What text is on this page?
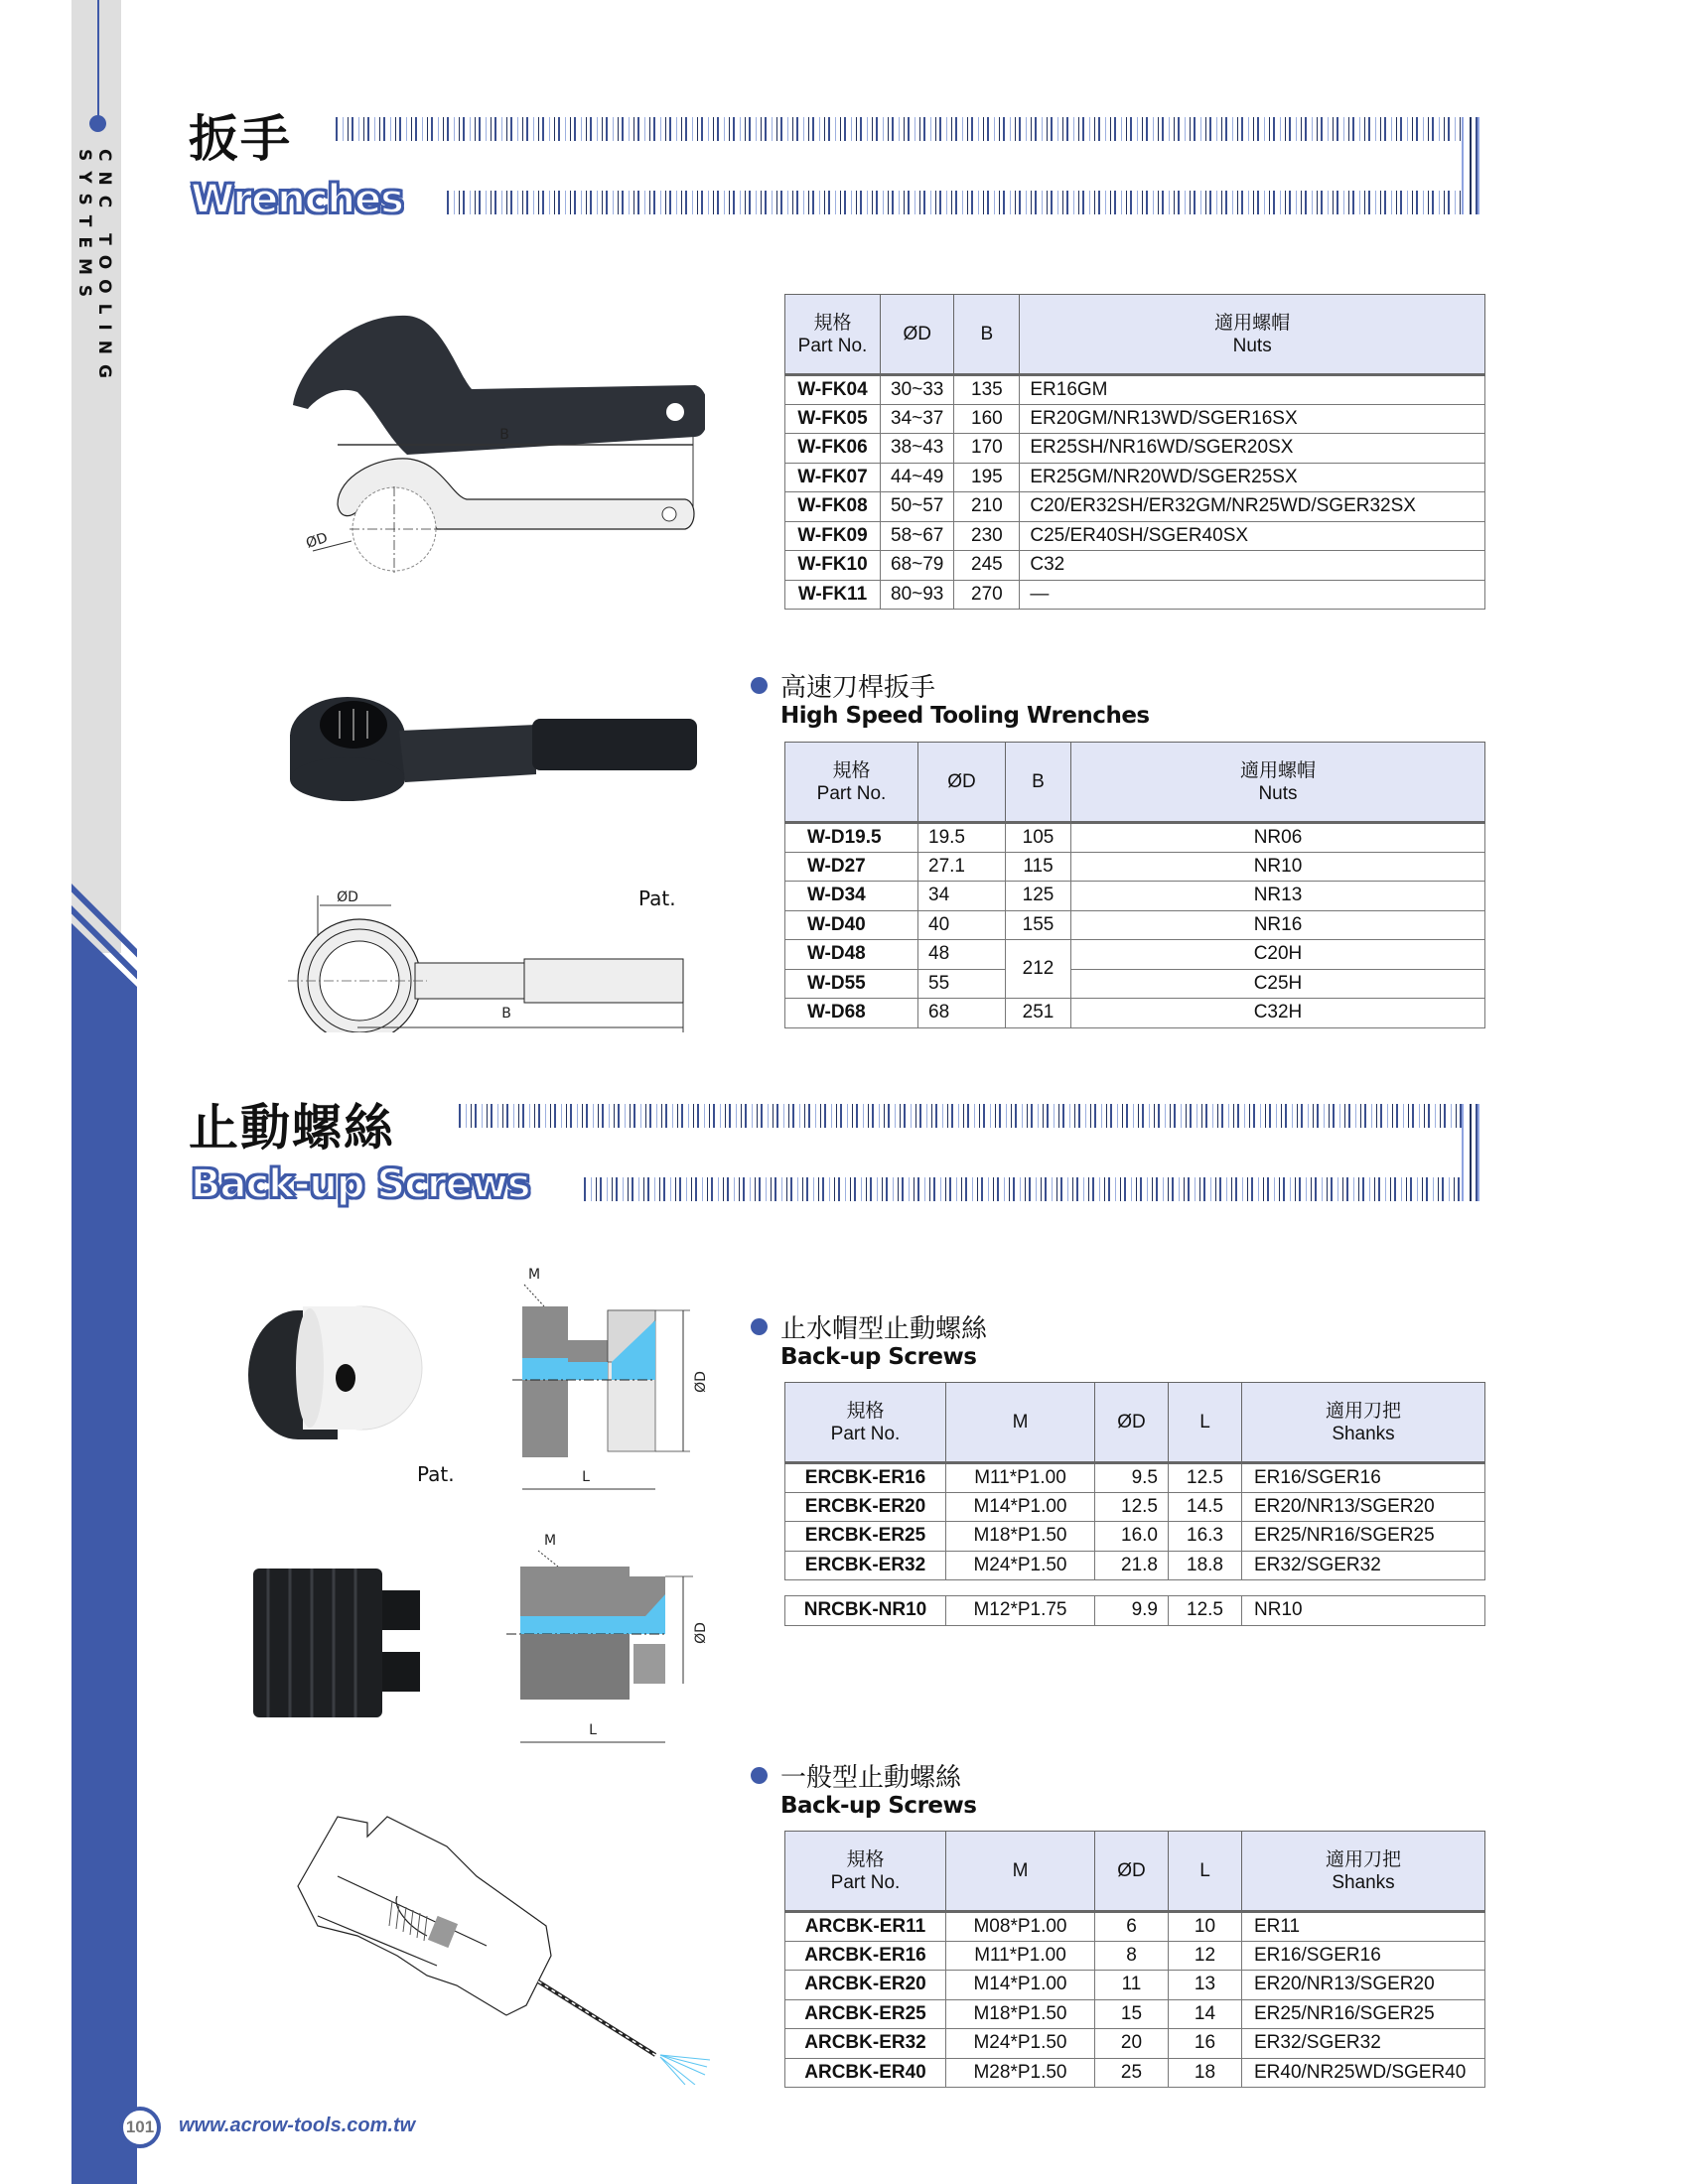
CNC TOOLING SYSTEMS
扳手
Wrenches
B
ØD
規格
Part No.	ØD	B	適用螺帽
Nuts
W-FK04	30~33	135	ER16GM
W-FK05	34~37	160	ER20GM/NR13WD/SGER16SX
W-FK06	38~43	170	ER25SH/NR16WD/SGER20SX
W-FK07	44~49	195	ER25GM/NR20WD/SGER25SX
W-FK08	50~57	210	C20/ER32SH/ER32GM/NR25WD/SGER32SX
W-FK09	58~67	230	C25/ER40SH/SGER40SX
W-FK10	68~79	245	C32
W-FK11	80~93	270	—
高速刀桿扳手
High Speed Tooling Wrenches
ØD
B
Pat.
規格
Part No.	ØD	B	適用螺帽
Nuts
W-D19.5	19.5	105	NR06
W-D27	27.1	115	NR10
W-D34	34	125	NR13
W-D40	40	155	NR16
W-D48	48	212	C20H
W-D55	55		C25H
W-D68	68	251	C32H
止動螺絲
Back-up Screws
M
ØD
L
M
ØD
L
Pat.
止水帽型止動螺絲
Back-up Screws
規格
Part No.	M	ØD	L	適用刀把
Shanks
ERCBK-ER16	M11*P1.00	9.5	12.5	ER16/SGER16
ERCBK-ER20	M14*P1.00	12.5	14.5	ER20/NR13/SGER20
ERCBK-ER25	M18*P1.50	16.0	16.3	ER25/NR16/SGER25
ERCBK-ER32	M24*P1.50	21.8	18.8	ER32/SGER32
NRCBK-NR10	M12*P1.75	9.9	12.5	NR10
一般型止動螺絲
Back-up Screws
規格
Part No.	M	ØD	L	適用刀把
Shanks
ARCBK-ER11	M08*P1.00	6	10	ER11
ARCBK-ER16	M11*P1.00	8	12	ER16/SGER16
ARCBK-ER20	M14*P1.00	11	13	ER20/NR13/SGER20
ARCBK-ER25	M18*P1.50	15	14	ER25/NR16/SGER25
ARCBK-ER32	M24*P1.50	20	16	ER32/SGER32
ARCBK-ER40	M28*P1.50	25	18	ER40/NR25WD/SGER40
101	www.acrow-tools.com.tw
